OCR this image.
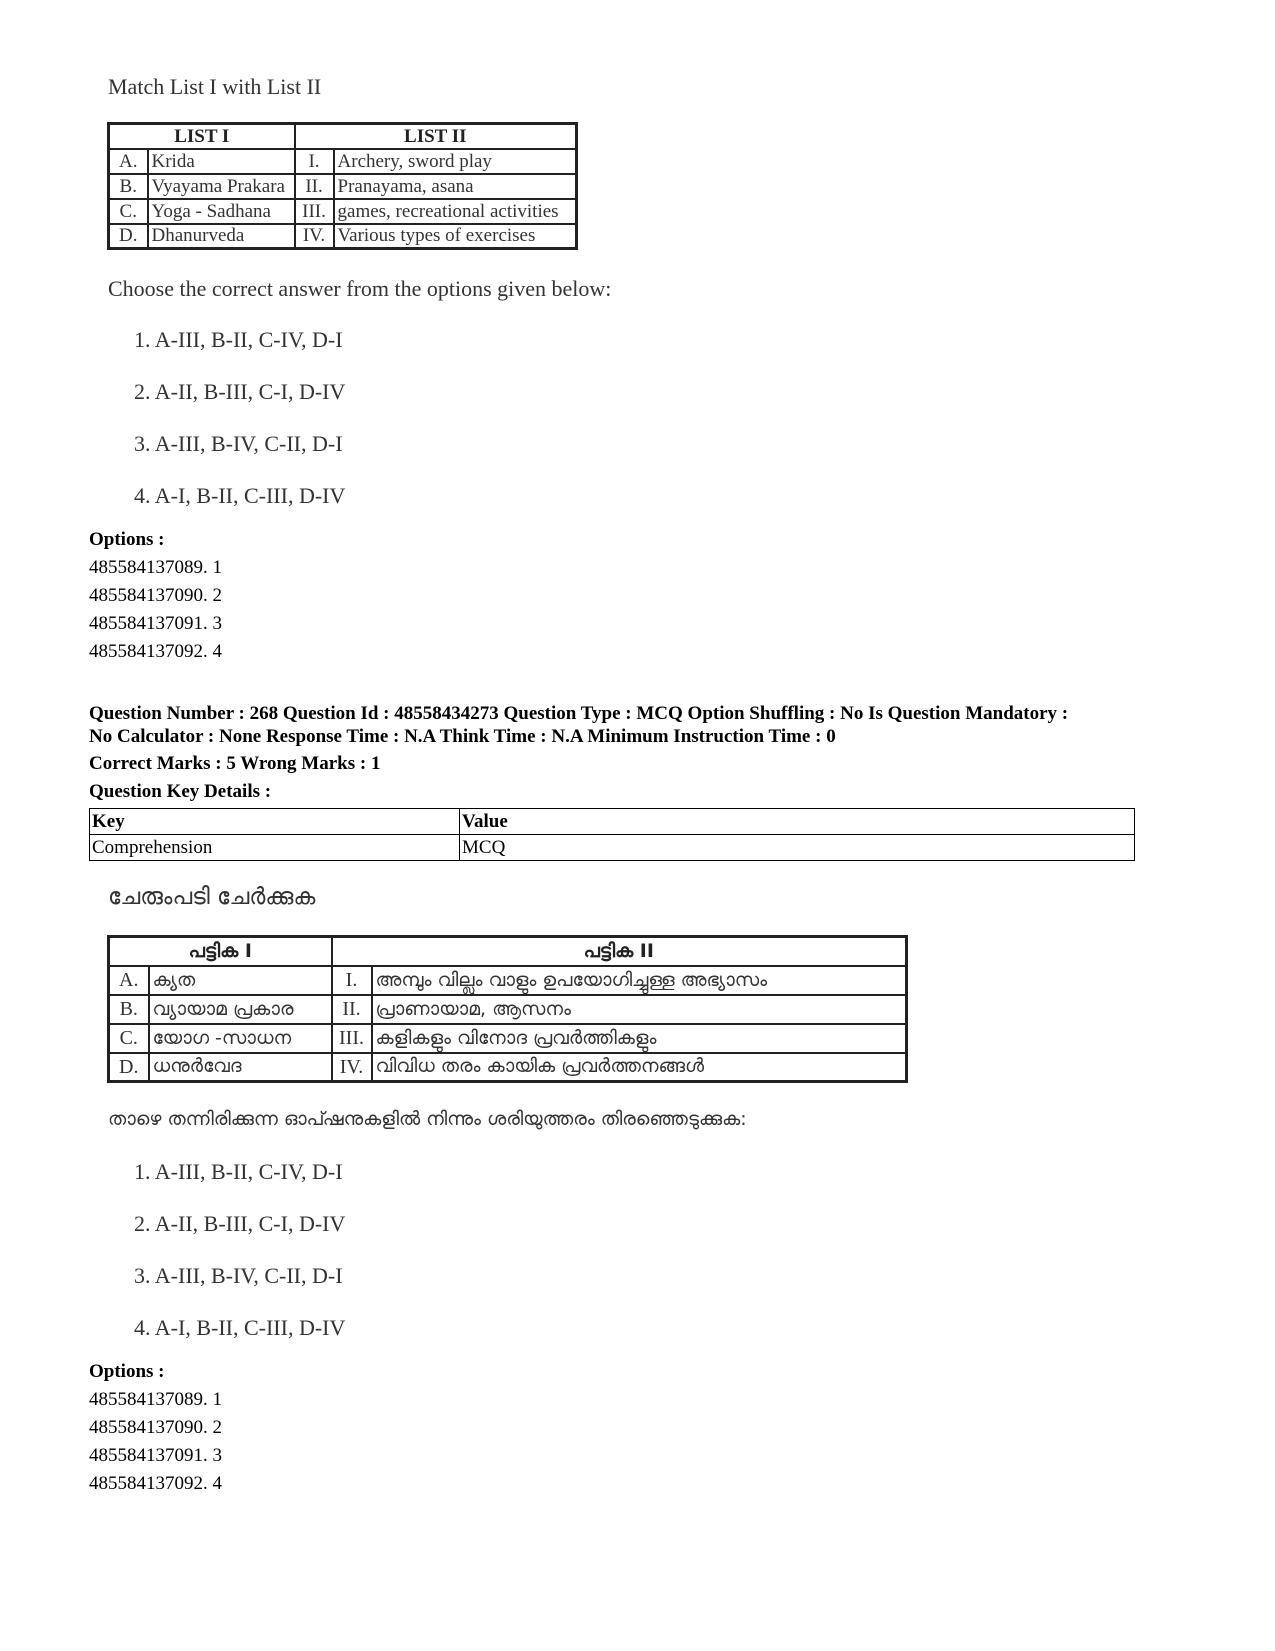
Match List I with List II
LIST I		LIST II	
A.	Krida	I.	Archery, sword play
B.	Vyayama Prakara	II.	Pranayama, asana
C.	Yoga - Sadhana	III.	games, recreational activities
D.	Dhanurveda	IV.	Various types of exercises
Choose the correct answer from the options given below:
1. A-III, B-II, C-IV, D-I
2. A-II, B-III, C-I, D-IV
3. A-III, B-IV, C-II, D-I
4. A-I, B-II, C-III, D-IV
Options :
485584137089. 1
485584137090. 2
485584137091. 3
485584137092. 4
Question Number : 268 Question Id : 48558434273 Question Type : MCQ Option Shuffling : No Is Question Mandatory :
No Calculator : None Response Time : N.A Think Time : N.A Minimum Instruction Time : 0
Correct Marks : 5 Wrong Marks : 1
Question Key Details :
Key	Value
Comprehension	MCQ
ചേരുംപടി ചേർക്കുക
പട്ടിക I		പട്ടിക II	
A.	ക്യത	I.	അമ്പും വില്ലും വാളും ഉപയോഗിച്ചുള്ള അഭ്യാസം
B.	വ്യായാമ പ്രകാര	II.	പ്രാണായാമ, ആസനം
C.	യോഗ -സാധന	III.	കളികളും വിനോദ പ്രവർത്തികളും
D.	ധനുർവേദ	IV.	വിവിധ തരം കായിക പ്രവർത്തനങ്ങൾ
താഴെ തന്നിരിക്കുന്ന ഓപ്ഷനുകളിൽ നിന്നും ശരിയുത്തരം തിരഞ്ഞെടുക്കുക:
1. A-III, B-II, C-IV, D-I
2. A-II, B-III, C-I, D-IV
3. A-III, B-IV, C-II, D-I
4. A-I, B-II, C-III, D-IV
Options :
485584137089. 1
485584137090. 2
485584137091. 3
485584137092. 4
